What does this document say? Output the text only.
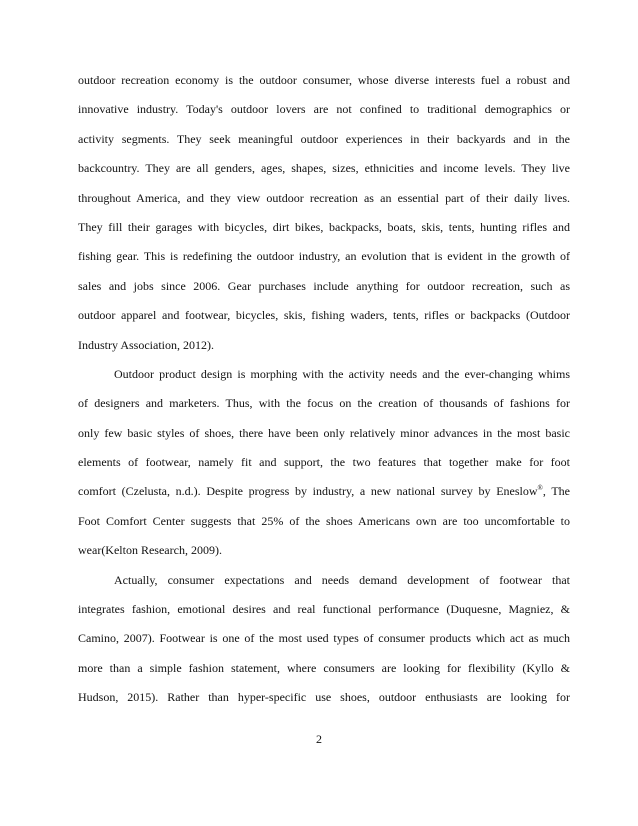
outdoor recreation economy is the outdoor consumer, whose diverse interests fuel a robust and
innovative industry. Today's outdoor lovers are not confined to traditional demographics or
activity segments. They seek meaningful outdoor experiences in their backyards and in the
backcountry. They are all genders, ages, shapes, sizes, ethnicities and income levels. They live
throughout America, and they view outdoor recreation as an essential part of their daily lives.
They fill their garages with bicycles, dirt bikes, backpacks, boats, skis, tents, hunting rifles and
fishing gear. This is redefining the outdoor industry, an evolution that is evident in the growth of
sales and jobs since 2006. Gear purchases include anything for outdoor recreation, such as
outdoor apparel and footwear, bicycles, skis, fishing waders, tents, rifles or backpacks (Outdoor
Industry Association, 2012).
Outdoor product design is morphing with the activity needs and the ever-changing whims
of designers and marketers. Thus, with the focus on the creation of thousands of fashions for
only few basic styles of shoes, there have been only relatively minor advances in the most basic
elements of footwear, namely fit and support, the two features that together make for foot
comfort (Czelusta, n.d.). Despite progress by industry, a new national survey by Eneslow®, The
Foot Comfort Center suggests that 25% of the shoes Americans own are too uncomfortable to
wear(Kelton Research, 2009).
Actually, consumer expectations and needs demand development of footwear that
integrates fashion, emotional desires and real functional performance (Duquesne, Magniez, &
Camino, 2007). Footwear is one of the most used types of consumer products which act as much
more than a simple fashion statement, where consumers are looking for flexibility (Kyllo &
Hudson, 2015). Rather than hyper-specific use shoes, outdoor enthusiasts are looking for
2
